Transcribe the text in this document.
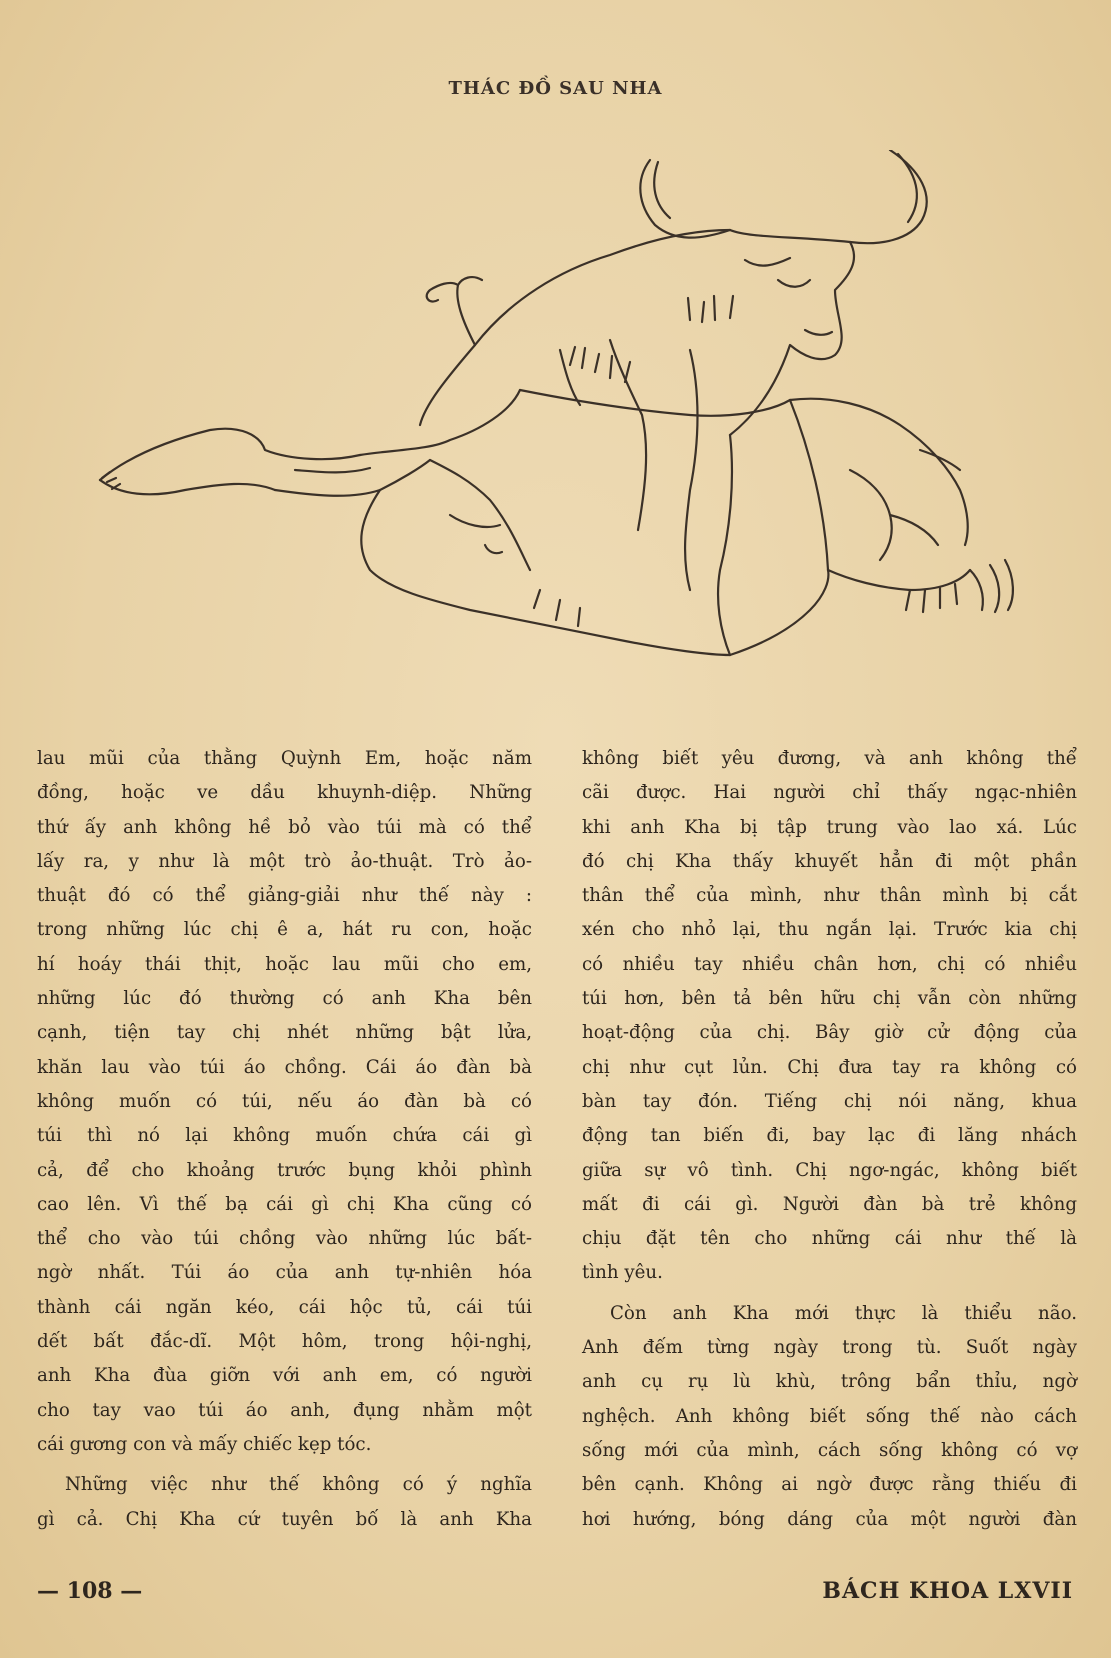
THÁC ĐỒ SAU NHA

lau mũi của thằng Quỳnh Em, hoặc năm
đồng, hoặc ve dầu khuynh-diệp. Những
thứ ấy anh không hề bỏ vào túi mà có thể
lấy ra, y như là một trò ảo-thuật. Trò ảo-
thuật đó có thể giảng-giải như thế này :
trong những lúc chị ê a, hát ru con, hoặc
hí hoáy thái thịt, hoặc lau mũi cho em,
những lúc đó thường có anh Kha bên
cạnh, tiện tay chị nhét những bật lửa,
khăn lau vào túi áo chồng. Cái áo đàn bà
không muốn có túi, nếu áo đàn bà có
túi thì nó lại không muốn chứa cái gì
cả, để cho khoảng trước bụng khỏi phình
cao lên. Vì thế bạ cái gì chị Kha cũng có
thể cho vào túi chồng vào những lúc bất-
ngờ nhất. Túi áo của anh tự-nhiên hóa
thành cái ngăn kéo, cái hộc tủ, cái túi
dết bất đắc-dĩ. Một hôm, trong hội-nghị,
anh Kha đùa giỡn với anh em, có người
cho tay vao túi áo anh, đụng nhằm một
cái gương con và mấy chiếc kẹp tóc.

Những việc như thế không có ý nghĩa
gì cả. Chị Kha cứ tuyên bố là anh Kha

không biết yêu đương, và anh không thể
cãi được. Hai người chỉ thấy ngạc-nhiên
khi anh Kha bị tập trung vào lao xá. Lúc
đó chị Kha thấy khuyết hẳn đi một phần
thân thể của mình, như thân mình bị cắt
xén cho nhỏ lại, thu ngắn lại. Trước kia chị
có nhiều tay nhiều chân hơn, chị có nhiều
túi hơn, bên tả bên hữu chị vẫn còn những
hoạt-động của chị. Bây giờ cử động của
chị như cụt lủn. Chị đưa tay ra không có
bàn tay đón. Tiếng chị nói năng, khua
động tan biến đi, bay lạc đi lăng nhách
giữa sự vô tình. Chị ngơ-ngác, không biết
mất đi cái gì. Người đàn bà trẻ không
chịu đặt tên cho những cái như thế là
tình yêu.

Còn anh Kha mới thực là thiểu não.
Anh đếm từng ngày trong tù. Suốt ngày
anh cụ rụ lù khù, trông bẩn thỉu, ngờ
nghệch. Anh không biết sống thế nào cách
sống mới của mình, cách sống không có vợ
bên cạnh. Không ai ngờ được rằng thiếu đi
hơi hướng, bóng dáng của một người đàn

— 108 —	BÁCH KHOA LXVII
